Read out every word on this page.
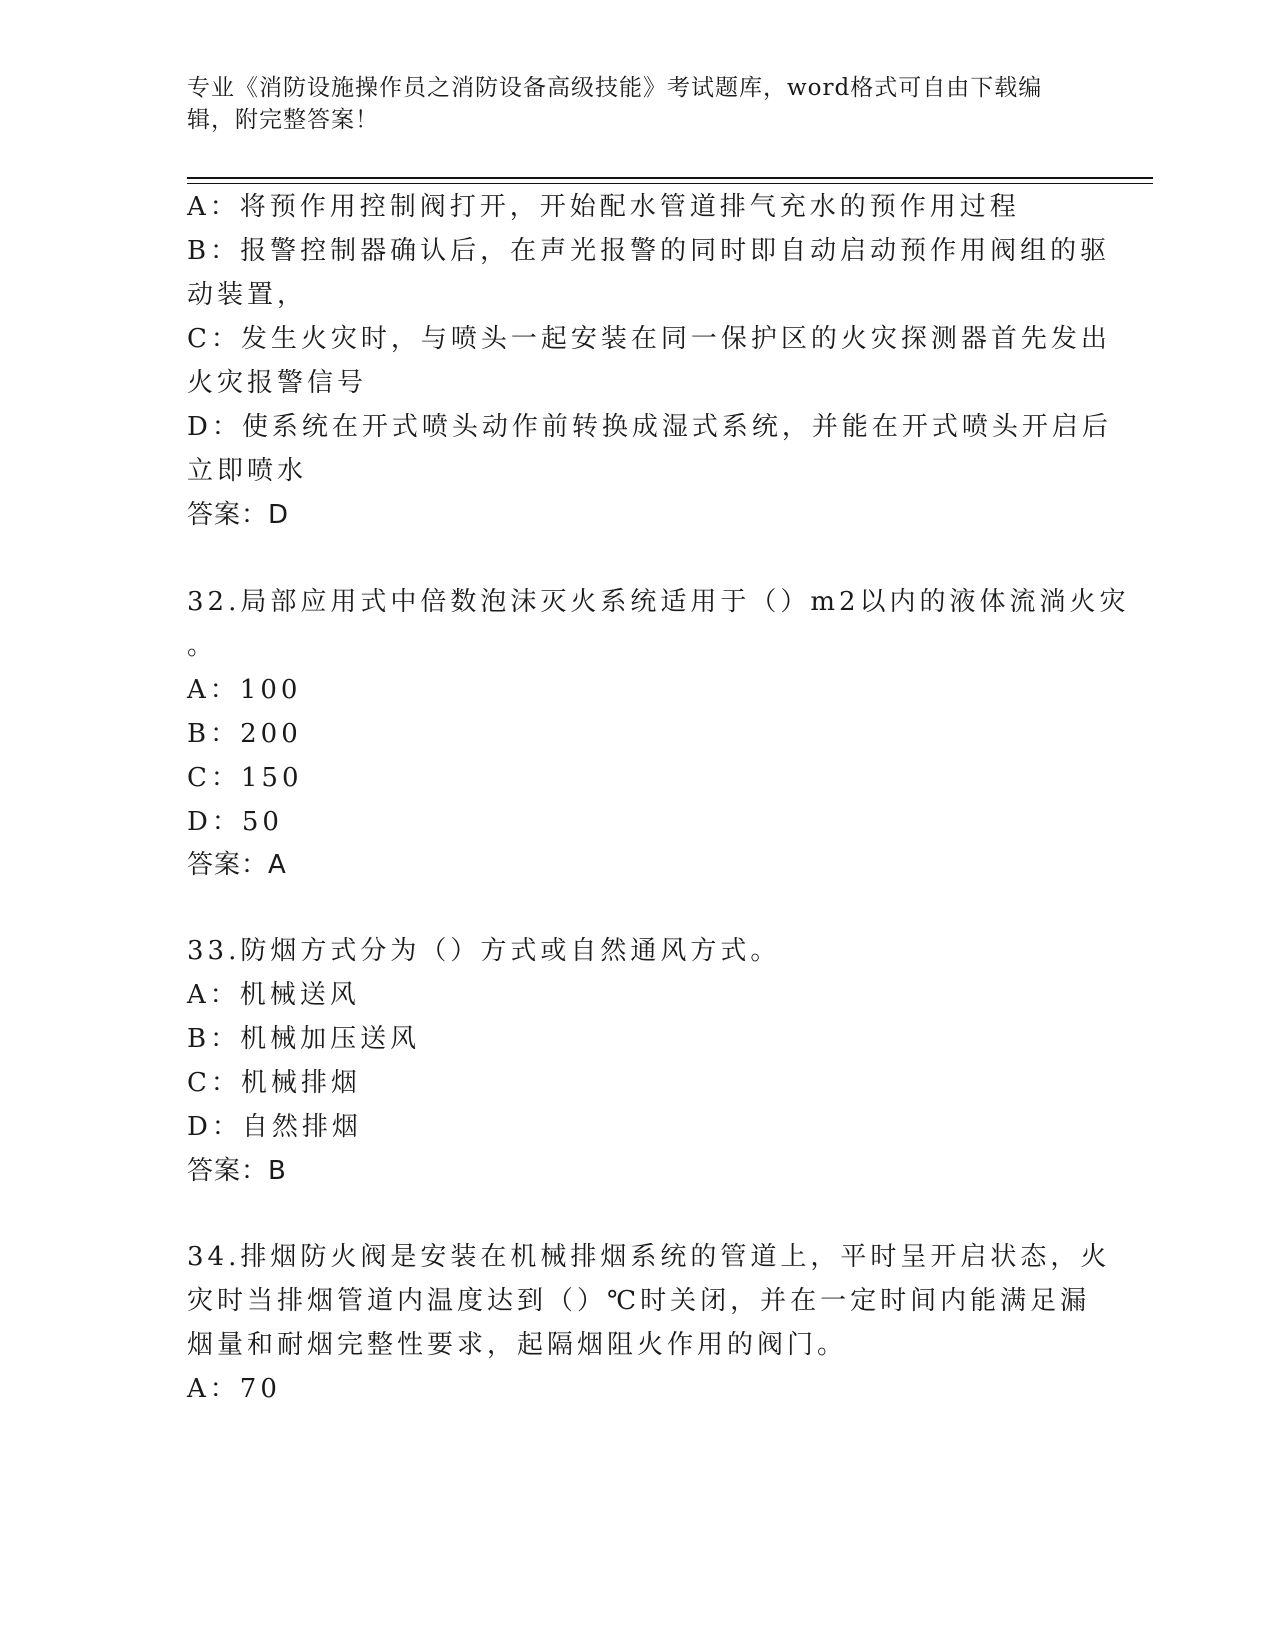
专业《消防设施操作员之消防设备高级技能》考试题库，word格式可自由下载编
辑，附完整答案！
A：将预作用控制阀打开，开始配水管道排气充水的预作用过程
B：报警控制器确认后，在声光报警的同时即自动启动预作用阀组的驱
动装置，
C：发生火灾时，与喷头一起安装在同一保护区的火灾探测器首先发出
火灾报警信号
D：使系统在开式喷头动作前转换成湿式系统，并能在开式喷头开启后
立即喷水
答案：D
32.局部应用式中倍数泡沫灭火系统适用于（）m2以内的液体流淌火灾
。
A：100
B：200
C：150
D：50
答案：A
33.防烟方式分为（）方式或自然通风方式。
A：机械送风
B：机械加压送风
C：机械排烟
D：自然排烟
答案：B
34.排烟防火阀是安装在机械排烟系统的管道上，平时呈开启状态，火
灾时当排烟管道内温度达到（）℃时关闭，并在一定时间内能满足漏
烟量和耐烟完整性要求，起隔烟阻火作用的阀门。
A：70
